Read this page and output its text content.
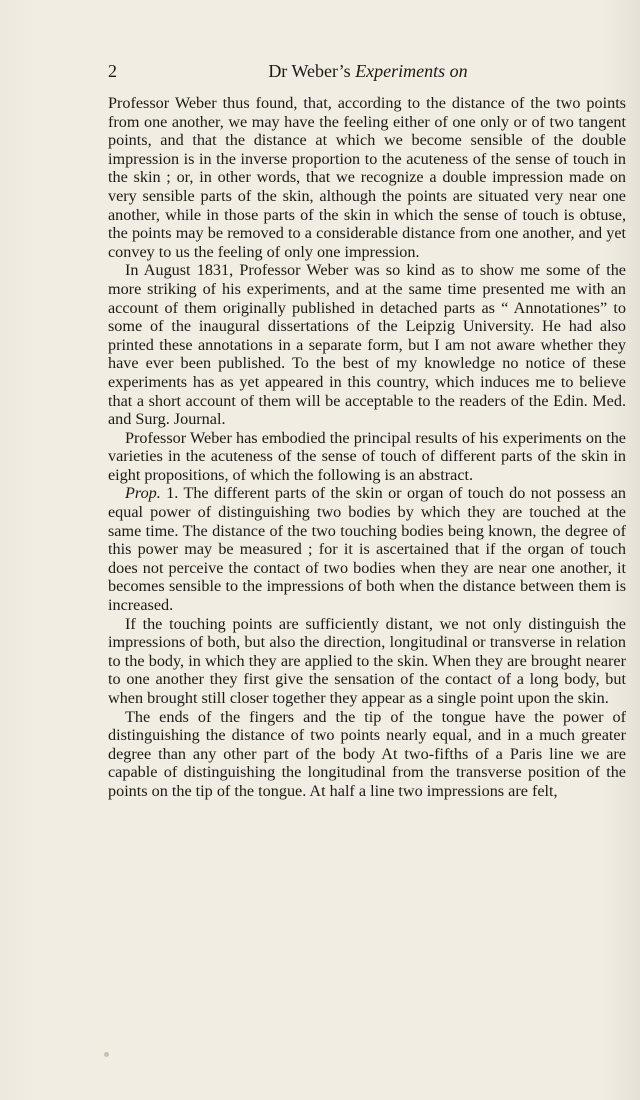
2	Dr Weber’s Experiments on

Professor Weber thus found, that, according to the distance of the two points from one another, we may have the feeling either of one only or of two tangent points, and that the distance at which we become sensible of the double impression is in the inverse proportion to the acuteness of the sense of touch in the skin ; or, in other words, that we recognize a double impression made on very sensible parts of the skin, although the points are situated very near one another, while in those parts of the skin in which the sense of touch is obtuse, the points may be removed to a considerable distance from one another, and yet convey to us the feeling of only one impression.

In August 1831, Professor Weber was so kind as to show me some of the more striking of his experiments, and at the same time presented me with an account of them originally published in detached parts as “ Annotationes” to some of the inaugural dissertations of the Leipzig University. He had also printed these annotations in a separate form, but I am not aware whether they have ever been published. To the best of my knowledge no notice of these experiments has as yet appeared in this country, which induces me to believe that a short account of them will be acceptable to the readers of the Edin. Med. and Surg. Journal.

Professor Weber has embodied the principal results of his experiments on the varieties in the acuteness of the sense of touch of different parts of the skin in eight propositions, of which the following is an abstract.

Prop. 1. The different parts of the skin or organ of touch do not possess an equal power of distinguishing two bodies by which they are touched at the same time. The distance of the two touching bodies being known, the degree of this power may be measured ; for it is ascertained that if the organ of touch does not perceive the contact of two bodies when they are near one another, it becomes sensible to the impressions of both when the distance between them is increased.

If the touching points are sufficiently distant, we not only distinguish the impressions of both, but also the direction, longitudinal or transverse in relation to the body, in which they are applied to the skin. When they are brought nearer to one another they first give the sensation of the contact of a long body, but when brought still closer together they appear as a single point upon the skin.

The ends of the fingers and the tip of the tongue have the power of distinguishing the distance of two points nearly equal, and in a much greater degree than any other part of the body At two-fifths of a Paris line we are capable of distinguishing the longitudinal from the transverse position of the points on the tip of the tongue. At half a line two impressions are felt,
